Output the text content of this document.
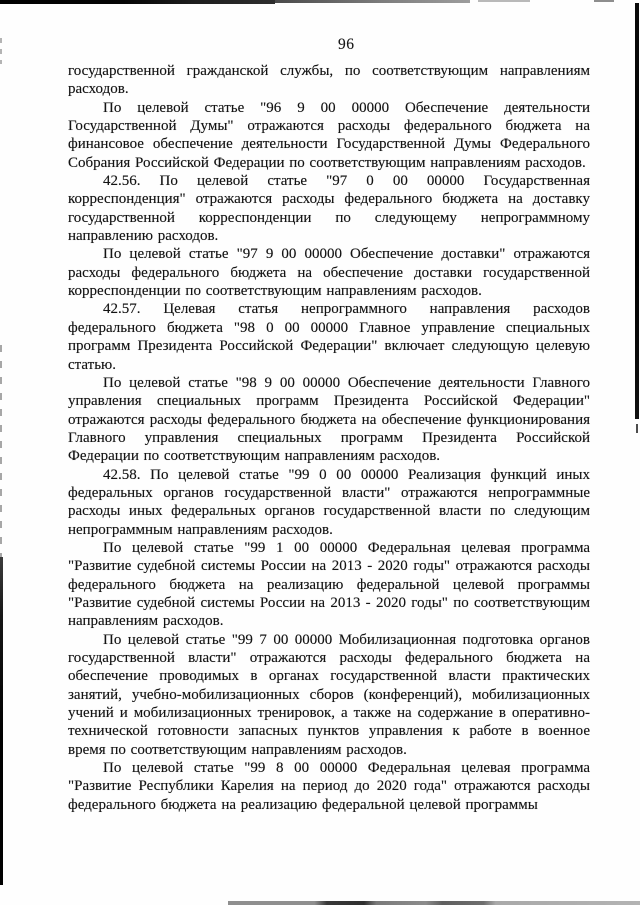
96

государственной гражданской службы, по соответствующим направлениям расходов.

По целевой статье "96 9 00 00000 Обеспечение деятельности Государственной Думы" отражаются расходы федерального бюджета на финансовое обеспечение деятельности Государственной Думы Федерального Собрания Российской Федерации по соответствующим направлениям расходов.

42.56. По целевой статье "97 0 00 00000 Государственная корреспонденция" отражаются расходы федерального бюджета на доставку государственной корреспонденции по следующему непрограммному направлению расходов.

По целевой статье "97 9 00 00000 Обеспечение доставки" отражаются расходы федерального бюджета на обеспечение доставки государственной корреспонденции по соответствующим направлениям расходов.

42.57. Целевая статья непрограммного направления расходов федерального бюджета "98 0 00 00000 Главное управление специальных программ Президента Российской Федерации" включает следующую целевую статью.

По целевой статье "98 9 00 00000 Обеспечение деятельности Главного управления специальных программ Президента Российской Федерации" отражаются расходы федерального бюджета на обеспечение функционирования Главного управления специальных программ Президента Российской Федерации по соответствующим направлениям расходов.

42.58. По целевой статье "99 0 00 00000 Реализация функций иных федеральных органов государственной власти" отражаются непрограммные расходы иных федеральных органов государственной власти по следующим непрограммным направлениям расходов.

По целевой статье "99 1 00 00000 Федеральная целевая программа "Развитие судебной системы России на 2013 - 2020 годы" отражаются расходы федерального бюджета на реализацию федеральной целевой программы "Развитие судебной системы России на 2013 - 2020 годы" по соответствующим направлениям расходов.

По целевой статье "99 7 00 00000 Мобилизационная подготовка органов государственной власти" отражаются расходы федерального бюджета на обеспечение проводимых в органах государственной власти практических занятий, учебно-мобилизационных сборов (конференций), мобилизационных учений и мобилизационных тренировок, а также на содержание в оперативно-технической готовности запасных пунктов управления к работе в военное время по соответствующим направлениям расходов.

По целевой статье "99 8 00 00000 Федеральная целевая программа "Развитие Республики Карелия на период до 2020 года" отражаются расходы федерального бюджета на реализацию федеральной целевой программы
